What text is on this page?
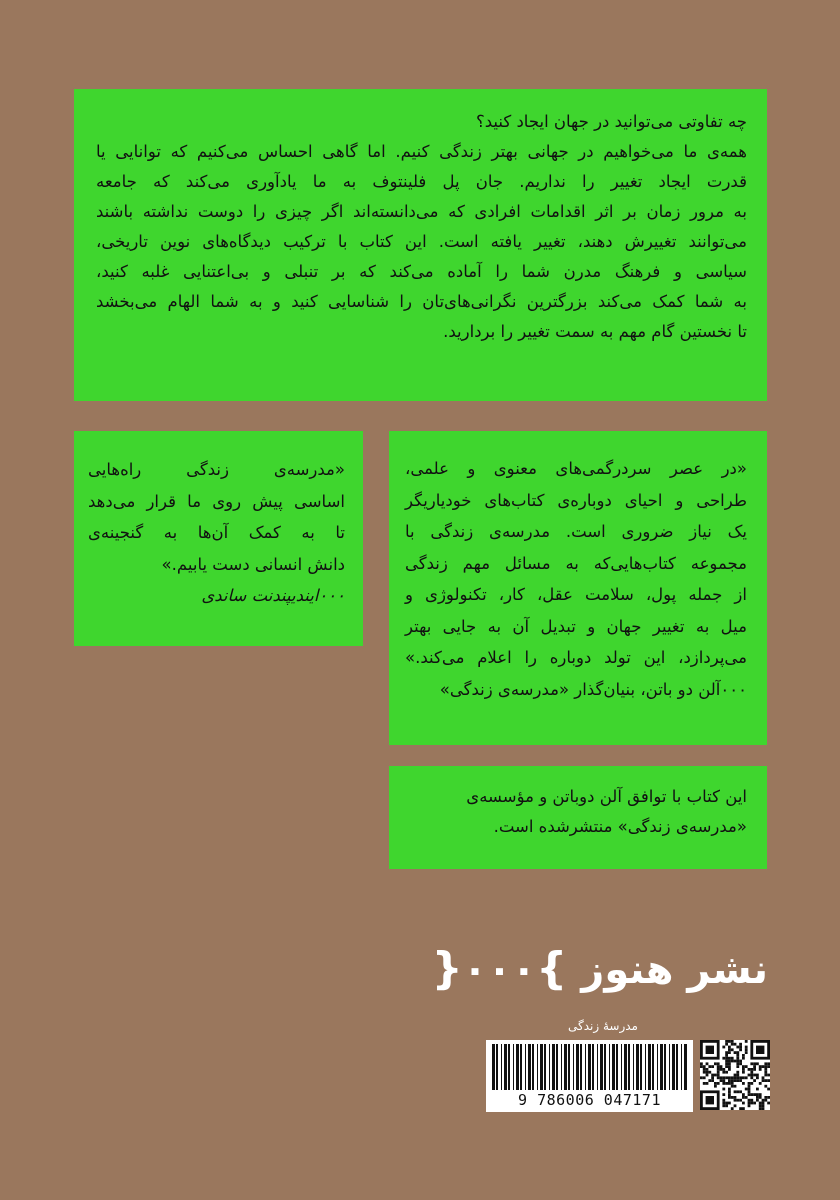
چه تفاوتی می‌توانید در جهان ایجاد کنید؟
همه‌ی ما می‌خواهیم در جهانی بهتر زندگی کنیم. اما گاهی احساس می‌کنیم که توانایی یا
قدرت ایجاد تغییر را نداریم. جان پل فلینتوف به ما یادآوری می‌کند که جامعه
به مرور زمان بر اثر اقدامات افرادی که می‌دانسته‌اند اگر چیزی را دوست نداشته باشند
می‌توانند تغییرش دهند، تغییر یافته است. این کتاب با ترکیب دیدگاه‌های نوین تاریخی،
سیاسی و فرهنگ مدرن شما را آماده می‌کند که بر تنبلی و بی‌اعتنایی غلبه کنید،
به شما کمک می‌کند بزرگترین نگرانی‌های‌تان را شناسایی کنید و به شما الهام می‌بخشد
تا نخستین گام مهم به سمت تغییر را بردارید.
«در عصر سردرگمی‌های معنوی و علمی،
طراحی و احیای دوباره‌ی کتاب‌های خودیاریگر
یک نیاز ضروری است. مدرسه‌ی زندگی با
مجموعه کتاب‌هایی‌که به مسائل مهم زندگی
از جمله پول، سلامت عقل، کار، تکنولوژی و
میل به تغییر جهان و تبدیل آن به جایی بهتر
می‌پردازد، این تولد دوباره را اعلام می‌کند.»
۰۰۰آلن دو باتن، بنیان‌گذار «مدرسه‌ی زندگی»
«مدرسه‌ی زندگی راه‌هایی
اساسی پیش روی ما قرار می‌دهد
تا به کمک آن‌ها به گنجینه‌ی
دانش انسانی دست یابیم.»
۰۰۰ایندیپندنت ساندی
این کتاب با توافق آلن دوباتن و مؤسسه‌ی
«مدرسه‌ی زندگی» منتشرشده است.
نشر هنوز }۰۰۰{
مدرسهٔ زندگی
9 786006 047171
